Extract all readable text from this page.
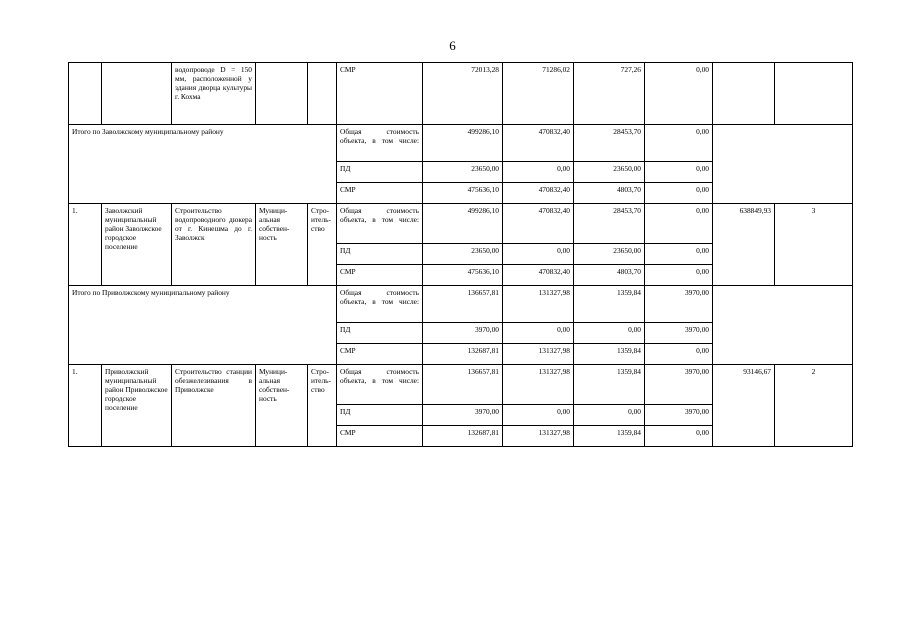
6
		водопроводе D = 150 мм, расположенной у здания дворца культуры г. Кохма			СМР	72013,28	71286,02	727,26	0,00		
Итого по Заволжскому муниципальному району					Общая стоимость объекта, в том числе:	499286,10	470832,40	28453,70	0,00		
					ПД	23650,00	0,00	23650,00	0,00		
					СМР	475636,10	470832,40	4803,70	0,00		
1.	Заволжский муниципальный район Заволжское городское поселение	Строительство водопроводного дюкера от г. Кинешма до г. Заволжск	Муници-альная собствен-ность	Стро-итель-ство	Общая стоимость объекта, в том числе:	499286,10	470832,40	28453,70	0,00	638849,93	3
					ПД	23650,00	0,00	23650,00	0,00		
					СМР	475636,10	470832,40	4803,70	0,00		
Итого по Приволжскому муниципальному району					Общая стоимость объекта, в том числе:	136657,81	131327,98	1359,84	3970,00		
					ПД	3970,00	0,00	0,00	3970,00		
					СМР	132687,81	131327,98	1359,84	0,00		
1.	Приволжский муниципальный район Приволжское городское поселение	Строительство станции обезжелезивания в Приволжске	Муници-альная собствен-ность	Стро-итель-ство	Общая стоимость объекта, в том числе:	136657,81	131327,98	1359,84	3970,00	93146,67	2
					ПД	3970,00	0,00	0,00	3970,00		
					СМР	132687,81	131327,98	1359,84	0,00		
